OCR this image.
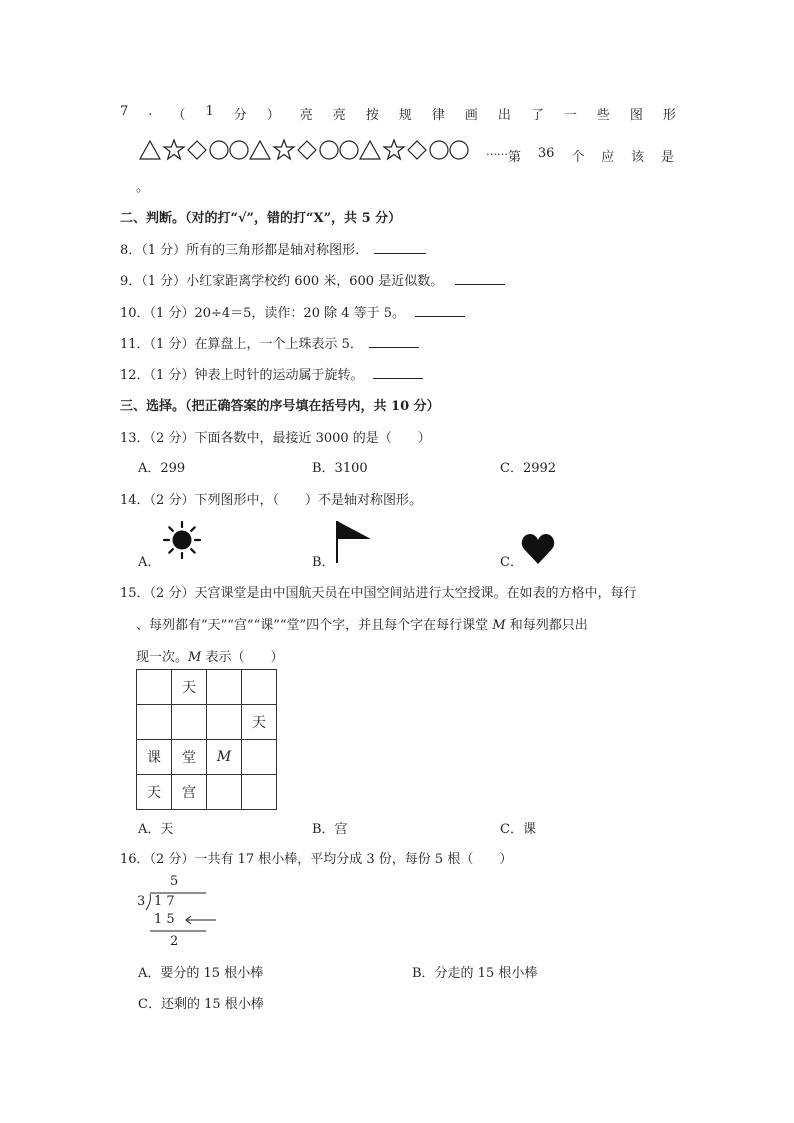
7 . （ 1 分 ） 亮 亮 按 规 律 画 出 了 一 些 图 形
…… 第 36 个 应 该 是
。
二、判断。（对的打“√”，错的打“X”，共 5 分）
8．（1 分）所有的三角形都是轴对称图形．
9．（1 分）小红家距离学校约 600 米，600 是近似数。
10．（1 分）20÷4＝5，读作：20 除 4 等于 5。
11．（1 分）在算盘上，一个上珠表示 5．
12．（1 分）钟表上时针的运动属于旋转。
三、选择。（把正确答案的序号填在括号内，共 10 分）
13．（2 分）下面各数中，最接近 3000 的是（　　）
A．299	B．3100	C．2992
14．（2 分）下列图形中，（　　）不是轴对称图形。
A．	B．	C．
15．（2 分）天宫课堂是由中国航天员在中国空间站进行太空授课。在如表的方格中，每行
、每列都有“天”“宫”“课”“堂”四个字，并且每个字在每行课堂 M 和每列都只出
现一次。M 表示（　　）
	天		
			天
课	堂	M	
天	宫		
A．天	B．宫	C．课
16．（2 分）一共有 17 根小棒，平均分成 3 份，每份 5 根（　　）
5
3 1 7
1 5
2
A．要分的 15 根小棒	B．分走的 15 根小棒
C．还剩的 15 根小棒
